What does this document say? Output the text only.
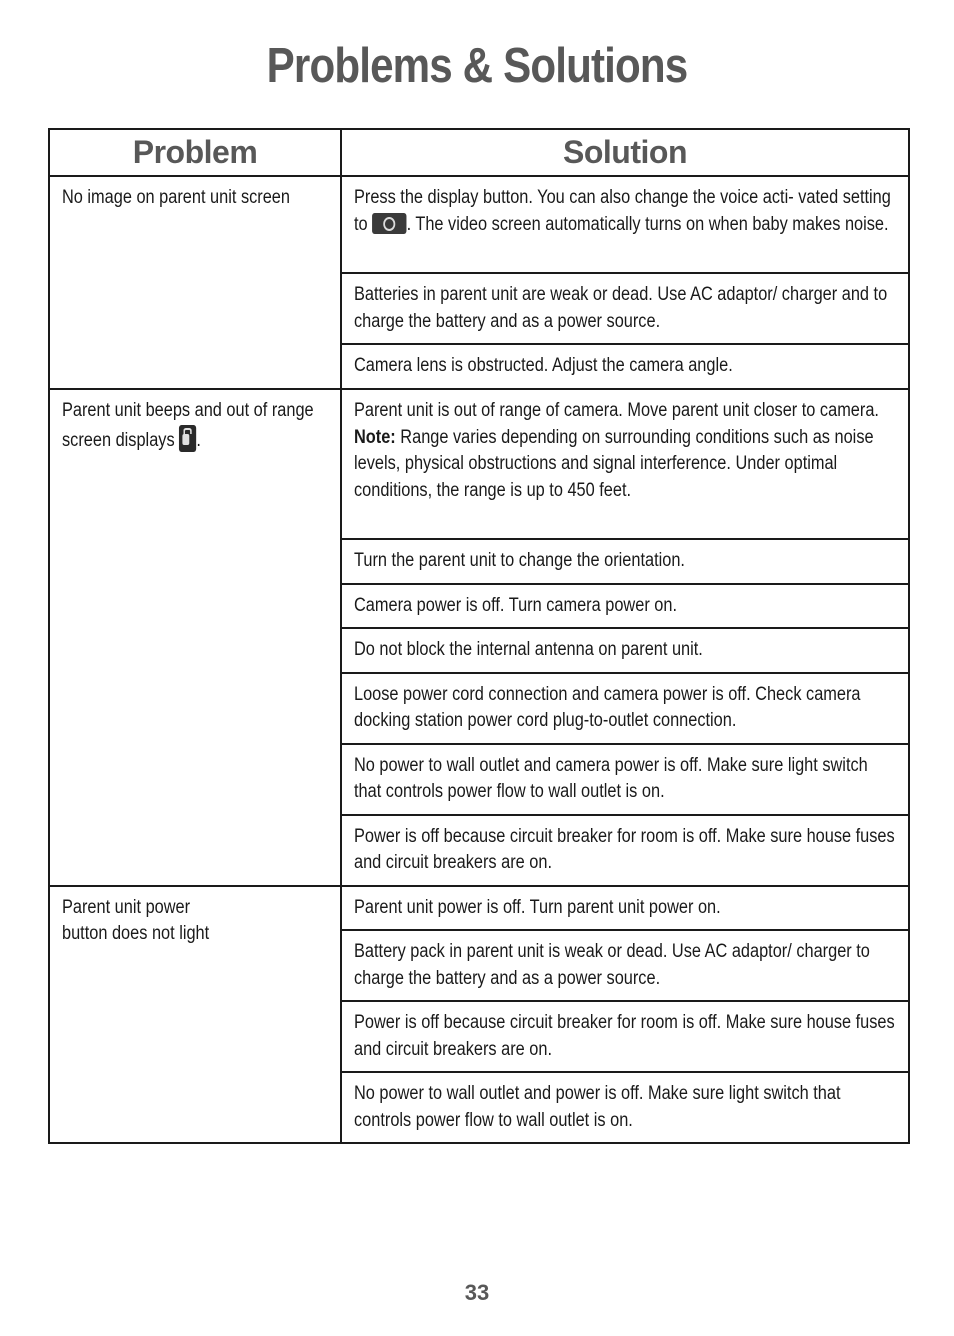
Problems & Solutions
Problem	Solution

No image on parent unit screen	Press the display button. You can also change the voice acti- vated setting to . The video screen automatically turns on when baby makes noise.

	Batteries in parent unit are weak or dead. Use AC adaptor/ charger and to charge the battery and as a power source.

	Camera lens is obstructed. Adjust the camera angle.

Parent unit beeps and out of range screen displays .	Parent unit is out of range of camera. Move parent unit closer to camera.
Note: Range varies depending on surrounding conditions such as noise levels, physical obstructions and signal interference. Under optimal conditions, the range is up to 450 feet.

	Turn the parent unit to change the orientation.

	Camera power is off. Turn camera power on.

	Do not block the internal antenna on parent unit.

	Loose power cord connection and camera power is off. Check camera docking station power cord plug-to-outlet connection.

	No power to wall outlet and camera power is off. Make sure light switch that controls power flow to wall outlet is on.

	Power is off because circuit breaker for room is off. Make sure house fuses and circuit breakers are on.

Parent unit power button does not light	Parent unit power is off. Turn parent unit power on.

	Battery pack in parent unit is weak or dead. Use AC adaptor/ charger to charge the battery and as a power source.

	Power is off because circuit breaker for room is off. Make sure house fuses and circuit breakers are on.

	No power to wall outlet and power is off. Make sure light switch that controls power flow to wall outlet is on.
33
